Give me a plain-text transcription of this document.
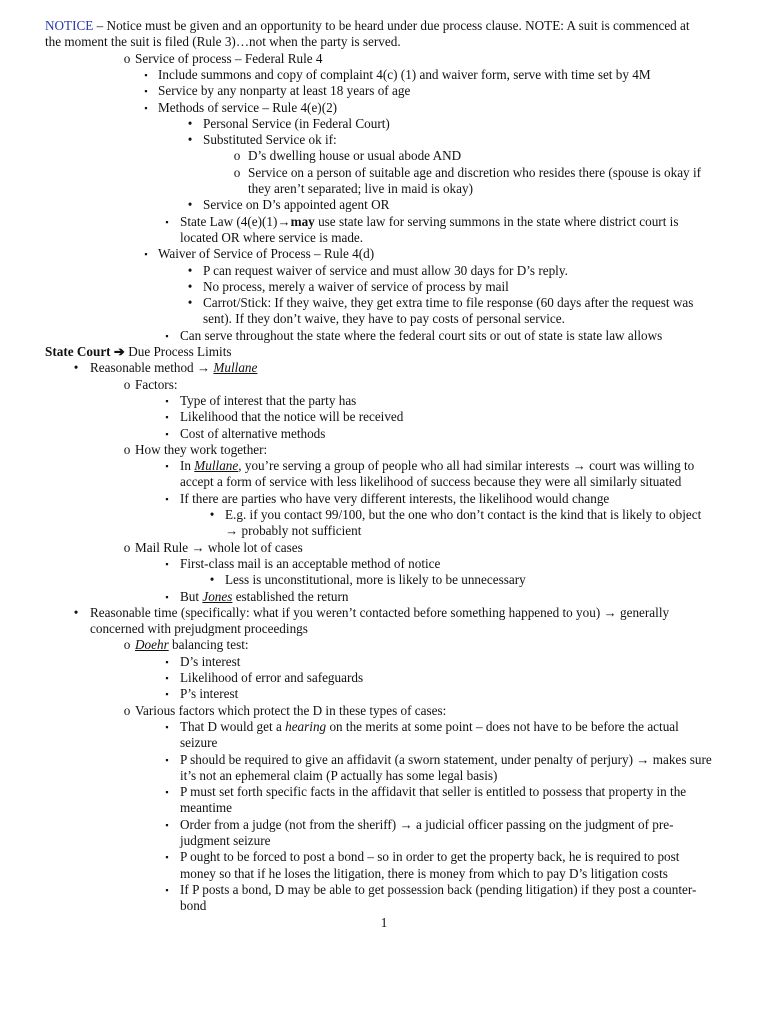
NOTICE – Notice must be given and an opportunity to be heard under due process clause. NOTE: A suit is commenced at
the moment the suit is filed (Rule 3)…not when the party is served.
o Service of process – Federal Rule 4
▪ Include summons and copy of complaint 4(c) (1) and waiver form, serve with time set by 4M
▪ Service by any nonparty at least 18 years of age
▪ Methods of service – Rule 4(e)(2)
• Personal Service (in Federal Court)
• Substituted Service ok if:
o D’s dwelling house or usual abode AND
o Service on a person of suitable age and discretion who resides there (spouse is okay if
they aren’t separated; live in maid is okay)
• Service on D’s appointed agent OR
▪ State Law (4(e)(1)→may use state law for serving summons in the state where district court is
located OR where service is made.
▪ Waiver of Service of Process – Rule 4(d)
• P can request waiver of service and must allow 30 days for D’s reply.
• No process, merely a waiver of service of process by mail
• Carrot/Stick: If they waive, they get extra time to file response (60 days after the request was
sent). If they don’t waive, they have to pay costs of personal service.
▪ Can serve throughout the state where the federal court sits or out of state is state law allows
State Court ➔ Due Process Limits
• Reasonable method → Mullane
o Factors:
▪ Type of interest that the party has
▪ Likelihood that the notice will be received
▪ Cost of alternative methods
o How they work together:
▪ In Mullane, you’re serving a group of people who all had similar interests → court was willing to
accept a form of service with less likelihood of success because they were all similarly situated
▪ If there are parties who have very different interests, the likelihood would change
• E.g. if you contact 99/100, but the one who don’t contact is the kind that is likely to object
→ probably not sufficient
o Mail Rule → whole lot of cases
▪ First-class mail is an acceptable method of notice
• Less is unconstitutional, more is likely to be unnecessary
▪ But Jones established the return
• Reasonable time (specifically: what if you weren’t contacted before something happened to you) → generally
concerned with prejudgment proceedings
o Doehr balancing test:
▪ D’s interest
▪ Likelihood of error and safeguards
▪ P’s interest
o Various factors which protect the D in these types of cases:
▪ That D would get a hearing on the merits at some point – does not have to be before the actual
seizure
▪ P should be required to give an affidavit (a sworn statement, under penalty of perjury) → makes sure
it’s not an ephemeral claim (P actually has some legal basis)
▪ P must set forth specific facts in the affidavit that seller is entitled to possess that property in the
meantime
▪ Order from a judge (not from the sheriff) → a judicial officer passing on the judgment of pre-
judgment seizure
▪ P ought to be forced to post a bond – so in order to get the property back, he is required to post
money so that if he loses the litigation, there is money from which to pay D’s litigation costs
▪ If P posts a bond, D may be able to get possession back (pending litigation) if they post a counter-
bond
1
